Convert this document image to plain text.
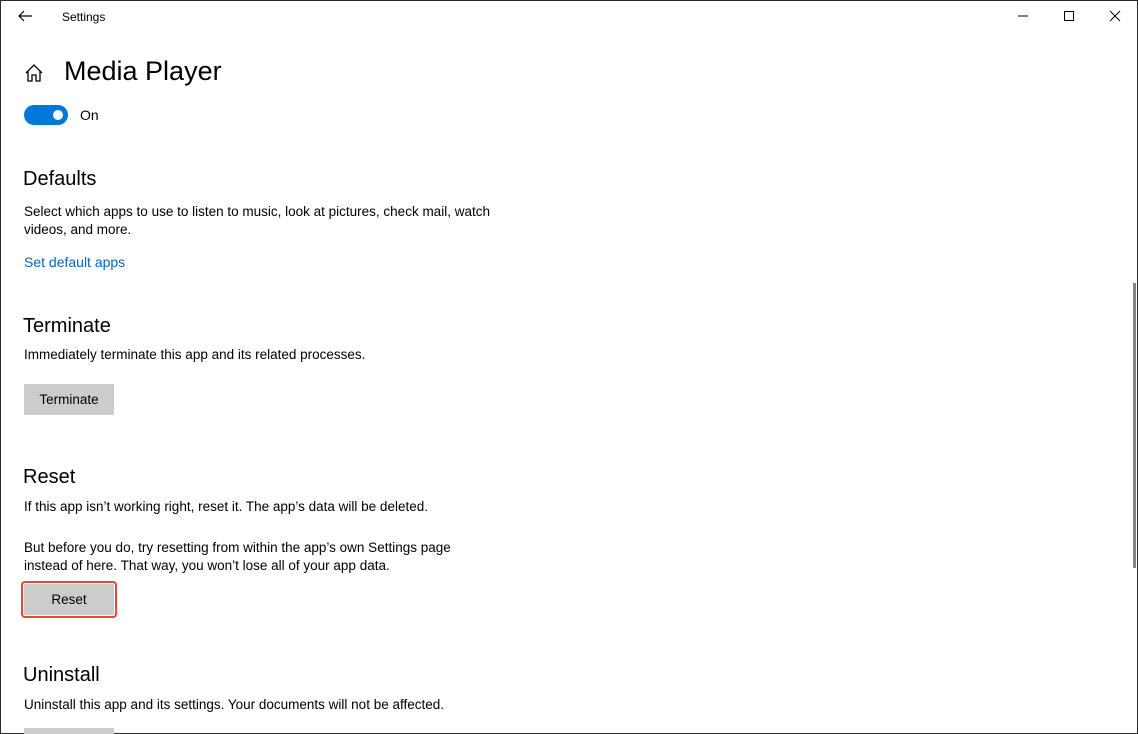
Settings
Media Player
On
Defaults
Select which apps to use to listen to music, look at pictures, check mail, watch videos, and more.
Set default apps
Terminate
Immediately terminate this app and its related processes.
Terminate
Reset
If this app isn’t working right, reset it. The app’s data will be deleted.
But before you do, try resetting from within the app’s own Settings page instead of here. That way, you won’t lose all of your app data.
Reset
Uninstall
Uninstall this app and its settings. Your documents will not be affected.
